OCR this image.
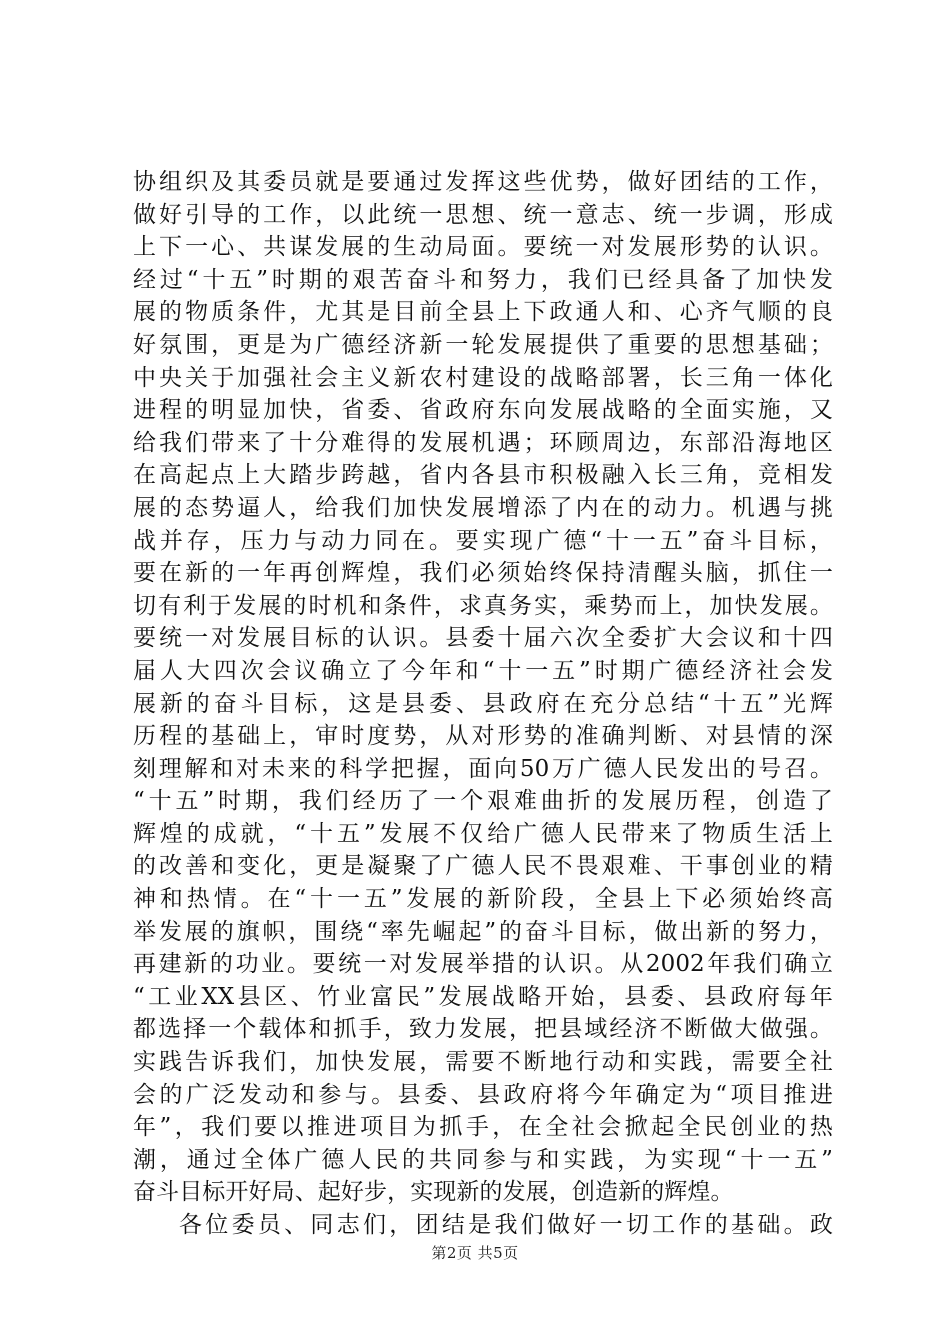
协组织及其委员就是要通过发挥这些优势，做好团结的工作，
做好引导的工作，以此统一思想、统一意志、统一步调，形成
上下一心、共谋发展的生动局面。要统一对发展形势的认识。
经过“十五”时期的艰苦奋斗和努力，我们已经具备了加快发
展的物质条件，尤其是目前全县上下政通人和、心齐气顺的良
好氛围，更是为广德经济新一轮发展提供了重要的思想基础；
中央关于加强社会主义新农村建设的战略部署，长三角一体化
进程的明显加快，省委、省政府东向发展战略的全面实施，又
给我们带来了十分难得的发展机遇；环顾周边，东部沿海地区
在高起点上大踏步跨越，省内各县市积极融入长三角，竞相发
展的态势逼人，给我们加快发展增添了内在的动力。机遇与挑
战并存，压力与动力同在。要实现广德“十一五”奋斗目标，
要在新的一年再创辉煌，我们必须始终保持清醒头脑，抓住一
切有利于发展的时机和条件，求真务实，乘势而上，加快发展。
要统一对发展目标的认识。县委十届六次全委扩大会议和十四
届人大四次会议确立了今年和“十一五”时期广德经济社会发
展新的奋斗目标，这是县委、县政府在充分总结“十五”光辉
历程的基础上，审时度势，从对形势的准确判断、对县情的深
刻理解和对未来的科学把握，面向50万广德人民发出的号召。
“十五”时期，我们经历了一个艰难曲折的发展历程，创造了
辉煌的成就，“十五”发展不仅给广德人民带来了物质生活上
的改善和变化，更是凝聚了广德人民不畏艰难、干事创业的精
神和热情。在“十一五”发展的新阶段，全县上下必须始终高
举发展的旗帜，围绕“率先崛起”的奋斗目标，做出新的努力，
再建新的功业。要统一对发展举措的认识。从2002年我们确立
“工业XX县区、竹业富民”发展战略开始，县委、县政府每年
都选择一个载体和抓手，致力发展，把县域经济不断做大做强。
实践告诉我们，加快发展，需要不断地行动和实践，需要全社
会的广泛发动和参与。县委、县政府将今年确定为“项目推进
年”，我们要以推进项目为抓手，在全社会掀起全民创业的热
潮，通过全体广德人民的共同参与和实践，为实现“十一五”
奋斗目标开好局、起好步，实现新的发展，创造新的辉煌。
各位委员、同志们，团结是我们做好一切工作的基础。政
第2页 共5页
